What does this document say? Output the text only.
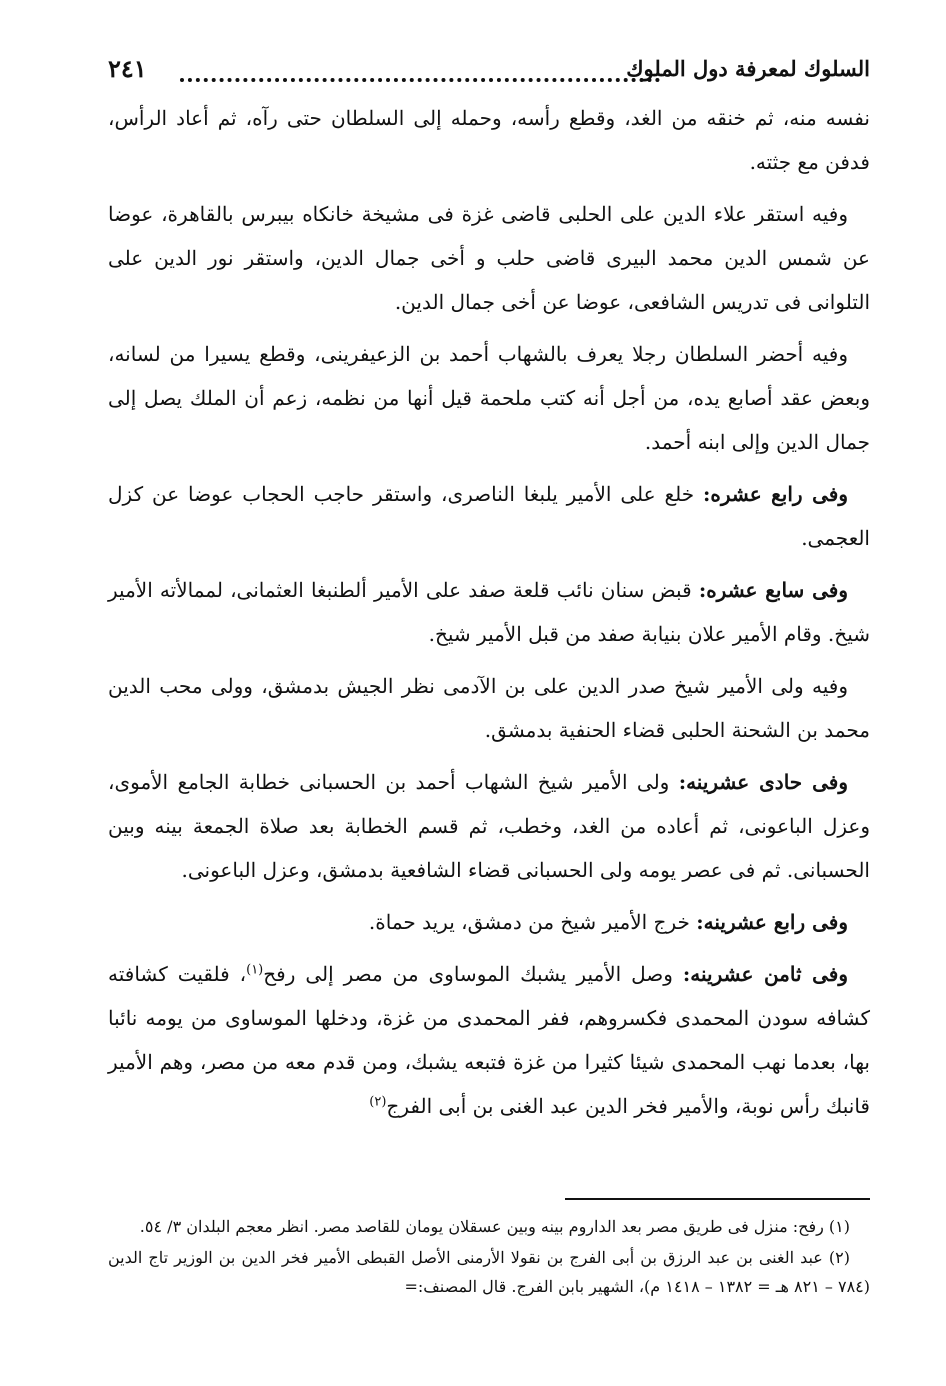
السلوك لمعرفة دول الملوك
٢٤١

نفسه منه، ثم خنقه من الغد، وقطع رأسه، وحمله إلى السلطان حتى رآه، ثم أعاد الرأس، فدفن مع جثته.

وفيه استقر علاء الدين على الحلبى قاضى غزة فى مشيخة خانكاه بيبرس بالقاهرة، عوضا عن شمس الدين محمد البيرى قاضى حلب و أخى جمال الدين، واستقر نور الدين على التلوانى فى تدريس الشافعى، عوضا عن أخى جمال الدين.

وفيه أحضر السلطان رجلا يعرف بالشهاب أحمد بن الزعيفرينى، وقطع يسيرا من لسانه، وبعض عقد أصابع يده، من أجل أنه كتب ملحمة قيل أنها من نظمه، زعم أن الملك يصل إلى جمال الدين وإلى ابنه أحمد.

وفى رابع عشره: خلع على الأمير يلبغا الناصرى، واستقر حاجب الحجاب عوضا عن كزل العجمى.

وفى سابع عشره: قبض سنان نائب قلعة صفد على الأمير ألطنبغا العثمانى، لممالأته الأمير شيخ. وقام الأمير علان بنيابة صفد من قبل الأمير شيخ.

وفيه ولى الأمير شيخ صدر الدين على بن الآدمى نظر الجيش بدمشق، وولى محب الدين محمد بن الشحنة الحلبى قضاء الحنفية بدمشق.

وفى حادى عشرينه: ولى الأمير شيخ الشهاب أحمد بن الحسبانى خطابة الجامع الأموى، وعزل الباعونى، ثم أعاده من الغد، وخطب، ثم قسم الخطابة بعد صلاة الجمعة بينه وبين الحسبانى. ثم فى عصر يومه ولى الحسبانى قضاء الشافعية بدمشق، وعزل الباعونى.

وفى رابع عشرينه: خرج الأمير شيخ من دمشق، يريد حماة.

وفى ثامن عشرينه: وصل الأمير يشبك الموساوى من مصر إلى رفح$^{(١)}$، فلقيت كشافته كشافه سودن المحمدى فكسروهم، ففر المحمدى من غزة، ودخلها الموساوى من يومه نائبا بها، بعدما نهب المحمدى شيئا كثيرا من غزة فتبعه يشبك، ومن قدم معه من مصر، وهم الأمير قانبك رأس نوبة، والأمير فخر الدين عبد الغنى بن أبى الفرج$^{(٢)}$

(١) رفح: منزل فى طريق مصر بعد الداروم بينه وبين عسقلان يومان للقاصد مصر. انظر معجم البلدان ٣/ ٥٤.

(٢) عبد الغنى بن عبد الرزق بن أبى الفرج بن نقولا الأرمنى الأصل القبطى الأمير فخر الدين بن الوزير تاج الدين (٧٨٤ – ٨٢١ هـ = ١٣٨٢ – ١٤١٨ م)، الشهير بابن الفرج. قال المصنف:=
